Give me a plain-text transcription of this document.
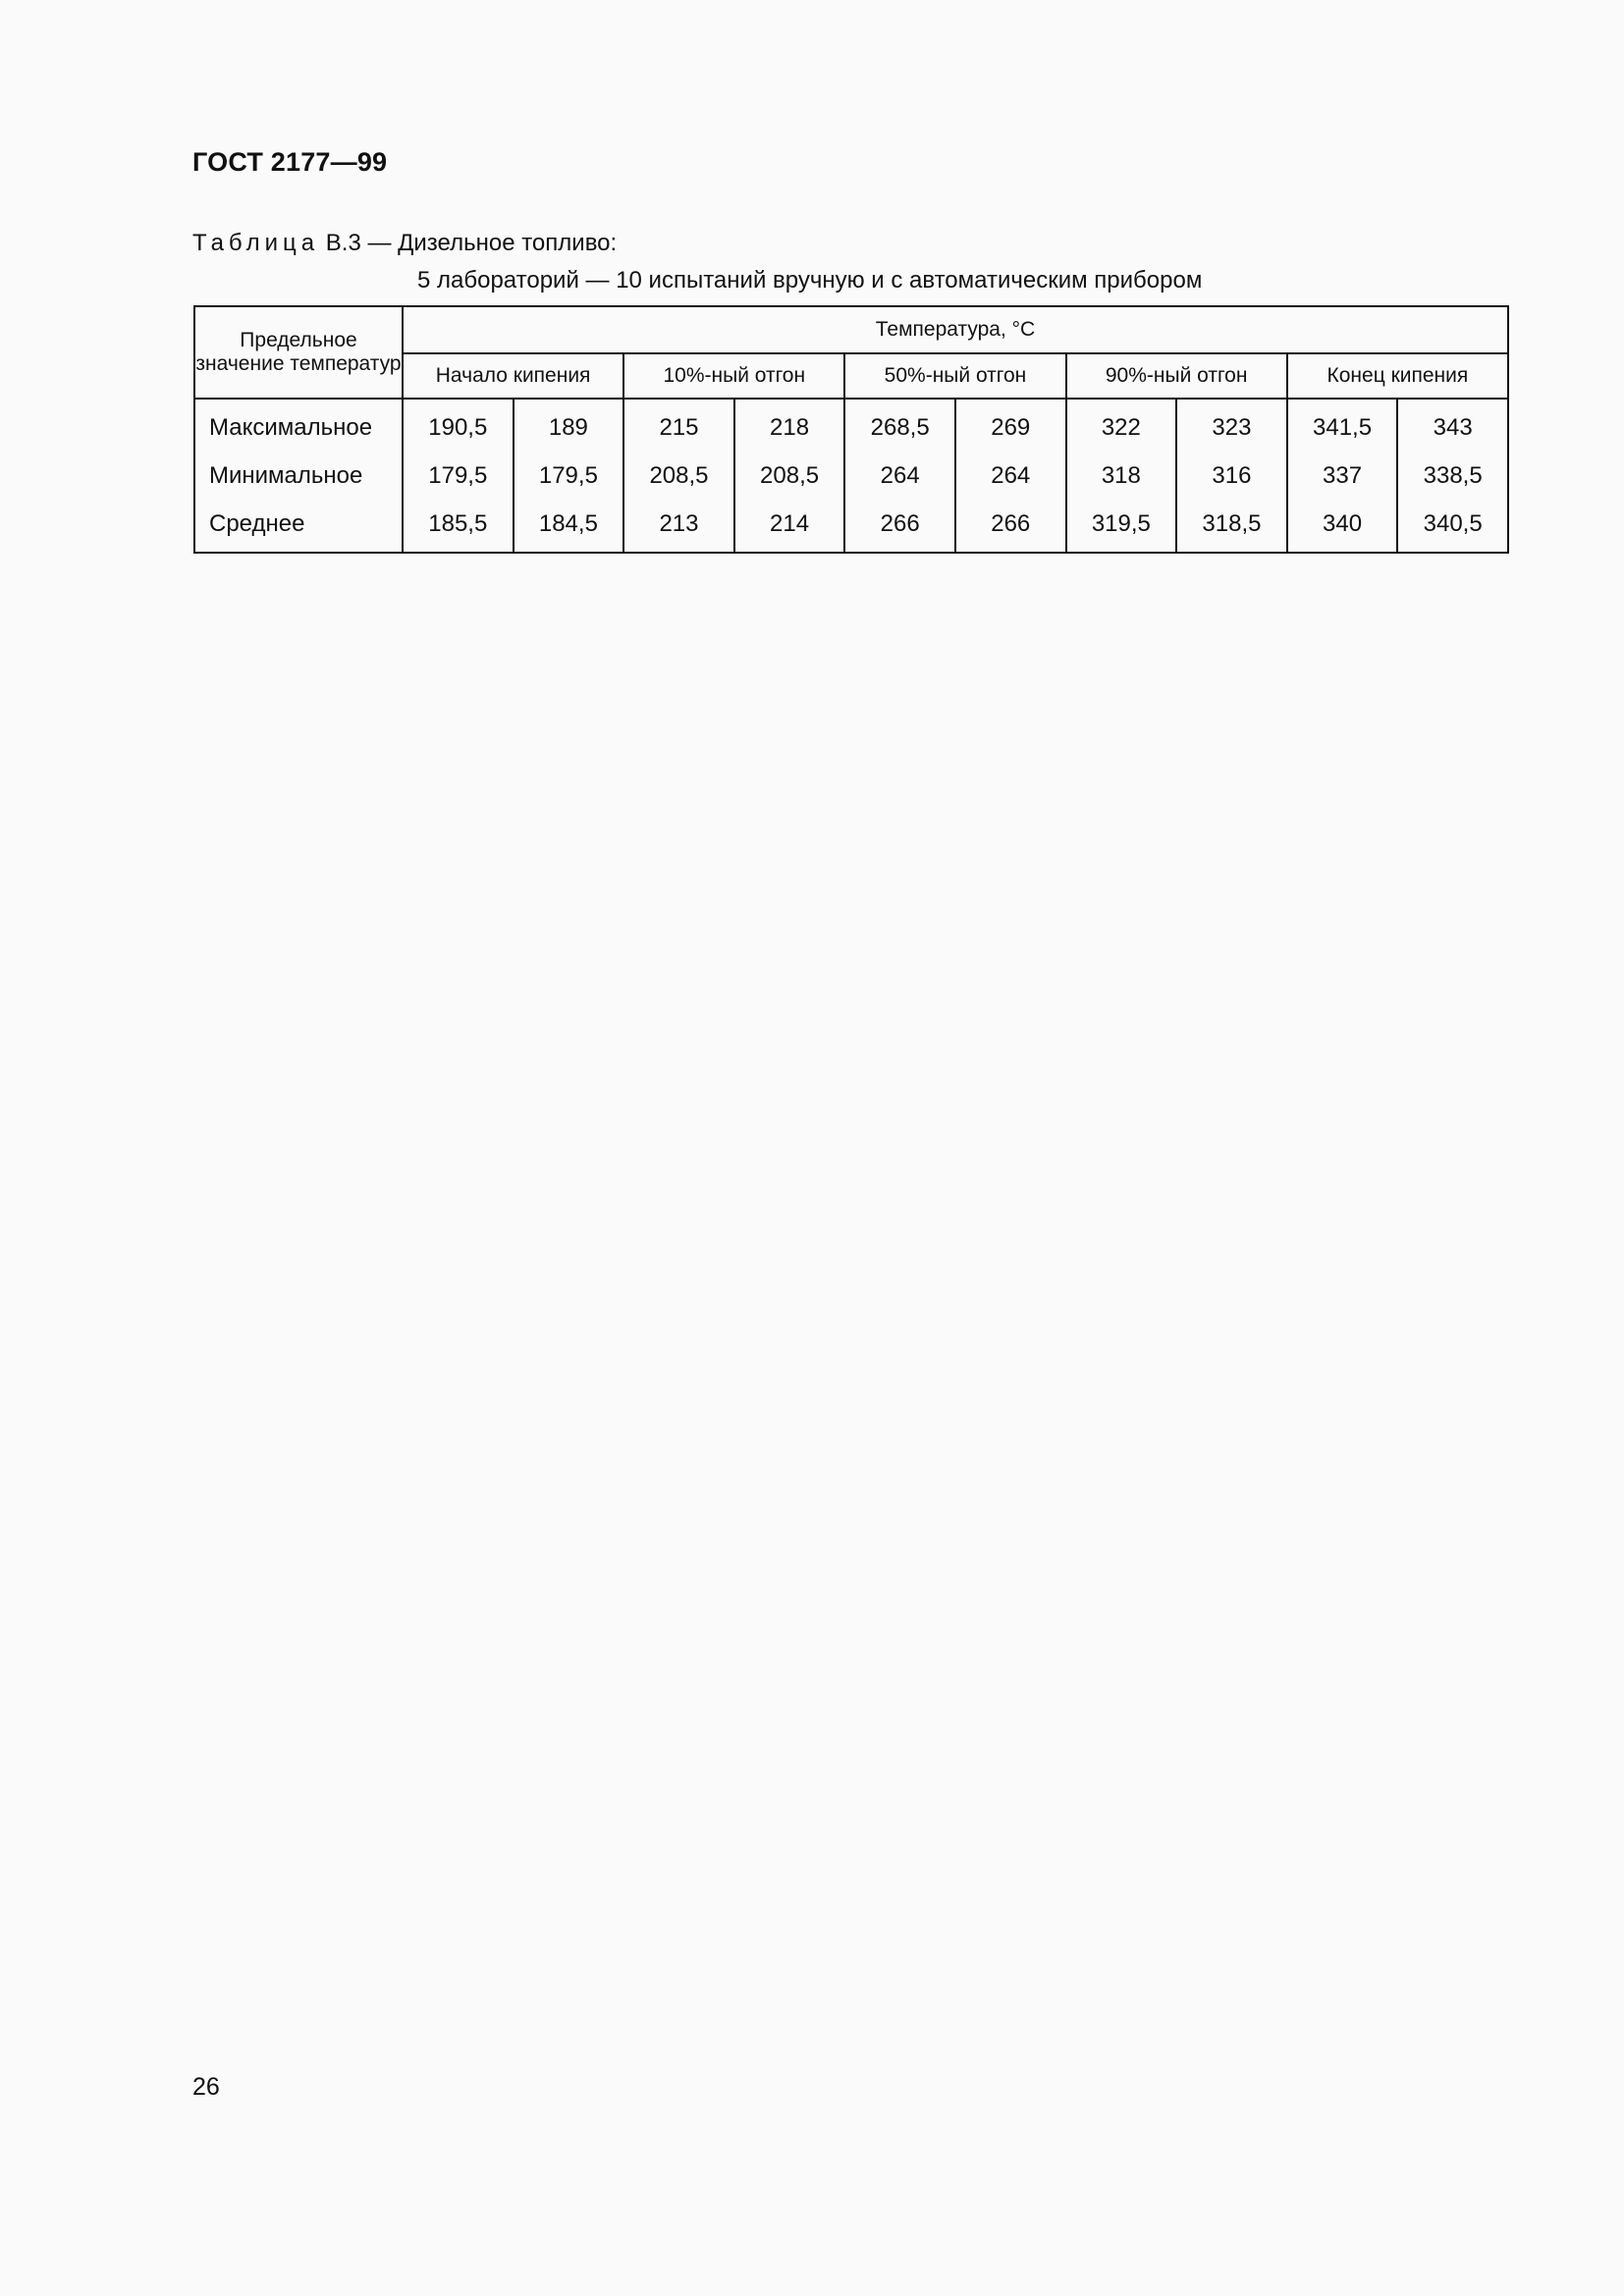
ГОСТ 2177—99

Таблица В.3 — Дизельное топливо:
5 лабораторий — 10 испытаний вручную и с автоматическим прибором

Предельное значение температур	Температура, °C									
	Начало кипения		10%-ный отгон		50%-ный отгон		90%-ный отгон		Конец кипения	
Максимальное	190,5	189	215	218	268,5	269	322	323	341,5	343
Минимальное	179,5	179,5	208,5	208,5	264	264	318	316	337	338,5
Среднее	185,5	184,5	213	214	266	266	319,5	318,5	340	340,5

26
